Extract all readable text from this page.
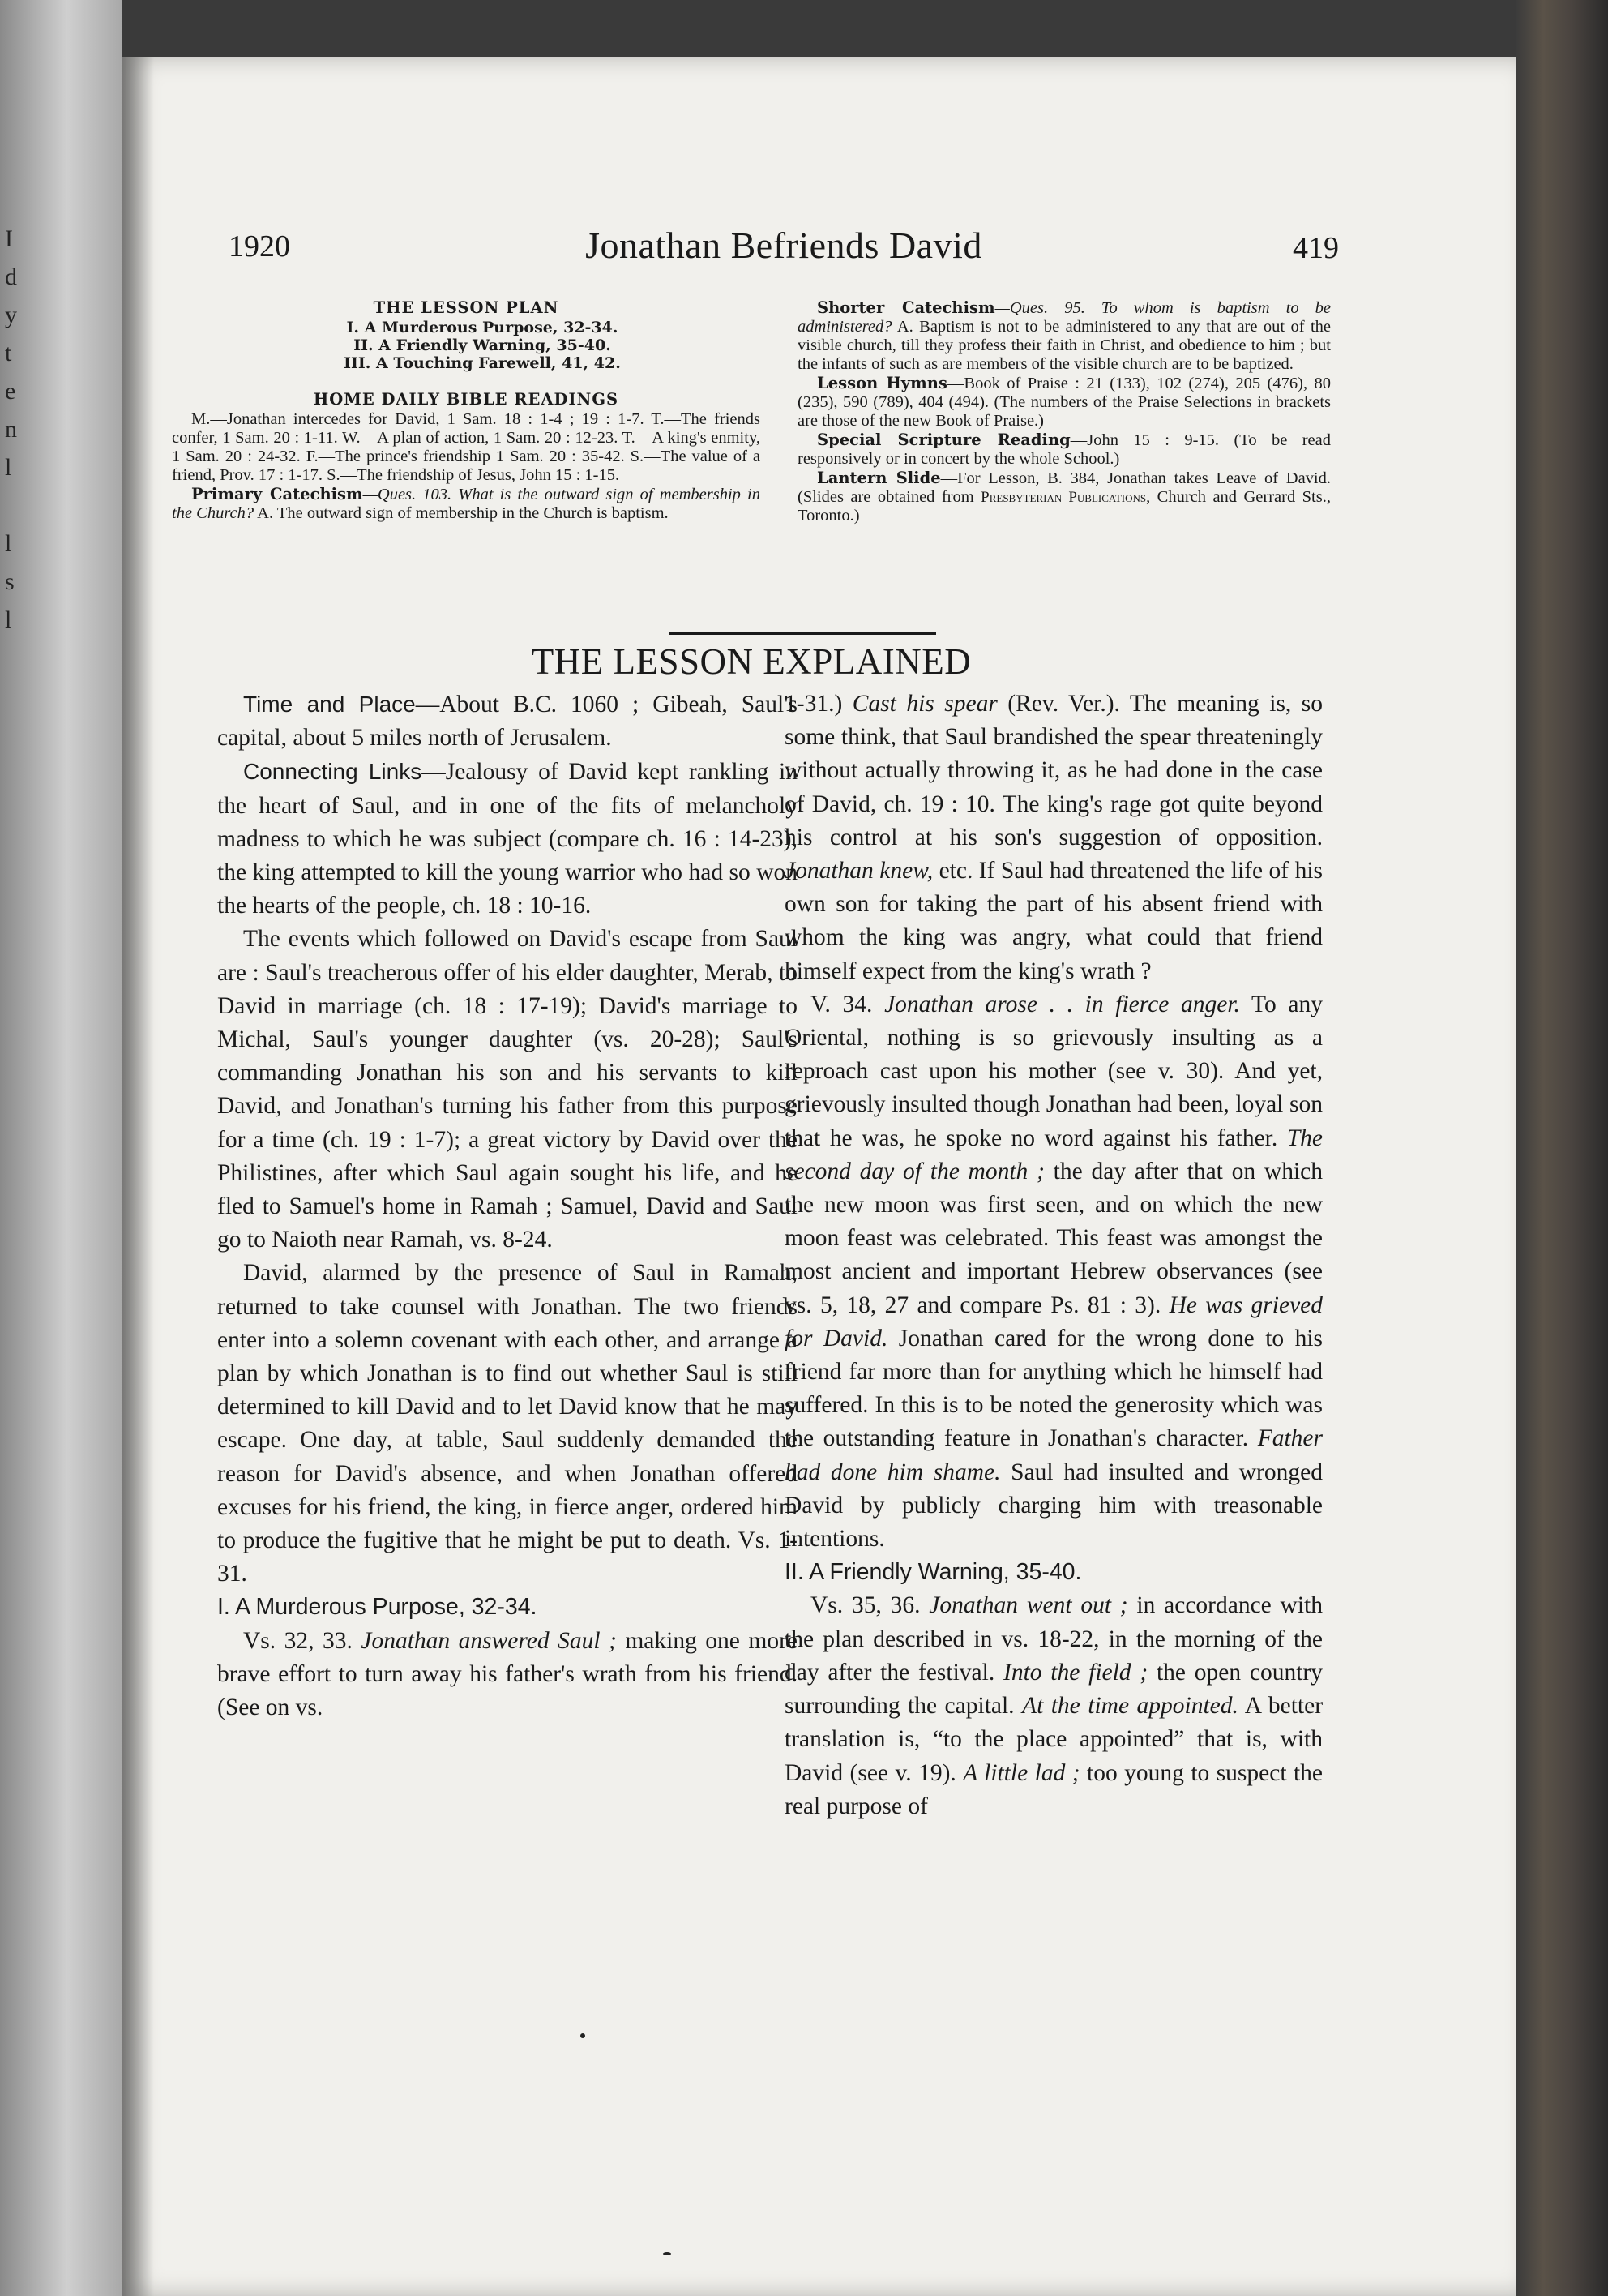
I
d
y
t
e
n
l
l
s
l
1920	Jonathan Befriends David	419
THE LESSON PLAN
I. A Murderous Purpose, 32-34.
II. A Friendly Warning, 35-40.
III. A Touching Farewell, 41, 42.
HOME DAILY BIBLE READINGS

M.—Jonathan intercedes for David, 1 Sam. 18 : 1-4 ; 19 : 1-7. T.—The friends confer, 1 Sam. 20 : 1-11. W.—A plan of action, 1 Sam. 20 : 12-23. T.—A king's enmity, 1 Sam. 20 : 24-32. F.—The prince's friendship 1 Sam. 20 : 35-42. S.—The value of a friend, Prov. 17 : 1-17. S.—The friendship of Jesus, John 15 : 1-15.

Primary Catechism—Ques. 103. What is the outward sign of membership in the Church? A. The outward sign of membership in the Church is baptism.

Shorter Catechism—Ques. 95. To whom is baptism to be administered? A. Baptism is not to be administered to any that are out of the visible church, till they profess their faith in Christ, and obedience to him ; but the infants of such as are members of the visible church are to be baptized.

Lesson Hymns—Book of Praise : 21 (133), 102 (274), 205 (476), 80 (235), 590 (789), 404 (494). (The numbers of the Praise Selections in brackets are those of the new Book of Praise.)

Special Scripture Reading—John 15 : 9-15. (To be read responsively or in concert by the whole School.)

Lantern Slide—For Lesson, B. 384, Jonathan takes Leave of David. (Slides are obtained from Presbyterian Publications, Church and Gerrard Sts., Toronto.)

THE LESSON EXPLAINED

Time and Place—About B.C. 1060 ; Gibeah, Saul's capital, about 5 miles north of Jerusalem.

Connecting Links—Jealousy of David kept rankling in the heart of Saul, and in one of the fits of melancholy madness to which he was subject (compare ch. 16 : 14-23), the king attempted to kill the young warrior who had so won the hearts of the people, ch. 18 : 10-16.

The events which followed on David's escape from Saul are : Saul's treacherous offer of his elder daughter, Merab, to David in marriage (ch. 18 : 17-19); David's marriage to Michal, Saul's younger daughter (vs. 20-28); Saul's commanding Jonathan his son and his servants to kill David, and Jonathan's turning his father from this purpose for a time (ch. 19 : 1-7); a great victory by David over the Philistines, after which Saul again sought his life, and he fled to Samuel's home in Ramah ; Samuel, David and Saul go to Naioth near Ramah, vs. 8-24.

David, alarmed by the presence of Saul in Ramah, returned to take counsel with Jonathan. The two friends enter into a solemn covenant with each other, and arrange a plan by which Jonathan is to find out whether Saul is still determined to kill David and to let David know that he may escape. One day, at table, Saul suddenly demanded the reason for David's absence, and when Jonathan offered excuses for his friend, the king, in fierce anger, ordered him to produce the fugitive that he might be put to death. Vs. 1-31.

I. A Murderous Purpose, 32-34.

Vs. 32, 33. Jonathan answered Saul ; making one more brave effort to turn away his father's wrath from his friend. (See on vs.

1-31.) Cast his spear (Rev. Ver.). The meaning is, so some think, that Saul brandished the spear threateningly without actually throwing it, as he had done in the case of David, ch. 19 : 10. The king's rage got quite beyond his control at his son's suggestion of opposition. Jonathan knew, etc. If Saul had threatened the life of his own son for taking the part of his absent friend with whom the king was angry, what could that friend himself expect from the king's wrath ?

V. 34. Jonathan arose . . in fierce anger. To any Oriental, nothing is so grievously insulting as a reproach cast upon his mother (see v. 30). And yet, grievously insulted though Jonathan had been, loyal son that he was, he spoke no word against his father. The second day of the month ; the day after that on which the new moon was first seen, and on which the new moon feast was celebrated. This feast was amongst the most ancient and important Hebrew observances (see vs. 5, 18, 27 and compare Ps. 81 : 3). He was grieved for David. Jonathan cared for the wrong done to his friend far more than for anything which he himself had suffered. In this is to be noted the generosity which was the outstanding feature in Jonathan's character. Father had done him shame. Saul had insulted and wronged David by publicly charging him with treasonable intentions.

II. A Friendly Warning, 35-40.

Vs. 35, 36. Jonathan went out ; in accordance with the plan described in vs. 18-22, in the morning of the day after the festival. Into the field ; the open country surrounding the capital. At the time appointed. A better translation is, “to the place appointed” that is, with David (see v. 19). A little lad ; too young to suspect the real purpose of
